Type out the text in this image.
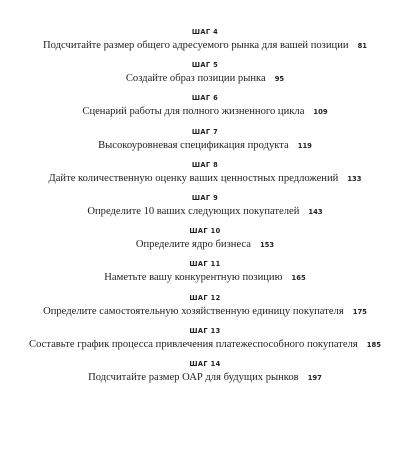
ШАГ 4
Подсчитайте размер общего адресуемого рынка для вашей позиции 81
ШАГ 5
Создайте образ позиции рынка 95
ШАГ 6
Сценарий работы для полного жизненного цикла 109
ШАГ 7
Высокоуровневая спецификация продукта 119
ШАГ 8
Дайте количественную оценку ваших ценностных предложений 133
ШАГ 9
Определите 10 ваших следующих покупателей 143
ШАГ 10
Определите ядро бизнеса 153
ШАГ 11
Наметьте вашу конкурентную позицию 165
ШАГ 12
Определите самостоятельную хозяйственную единицу покупателя 175
ШАГ 13
Составьте график процесса привлечения платежеспособного покупателя 185
ШАГ 14
Подсчитайте размер ОАР для будущих рынков 197
